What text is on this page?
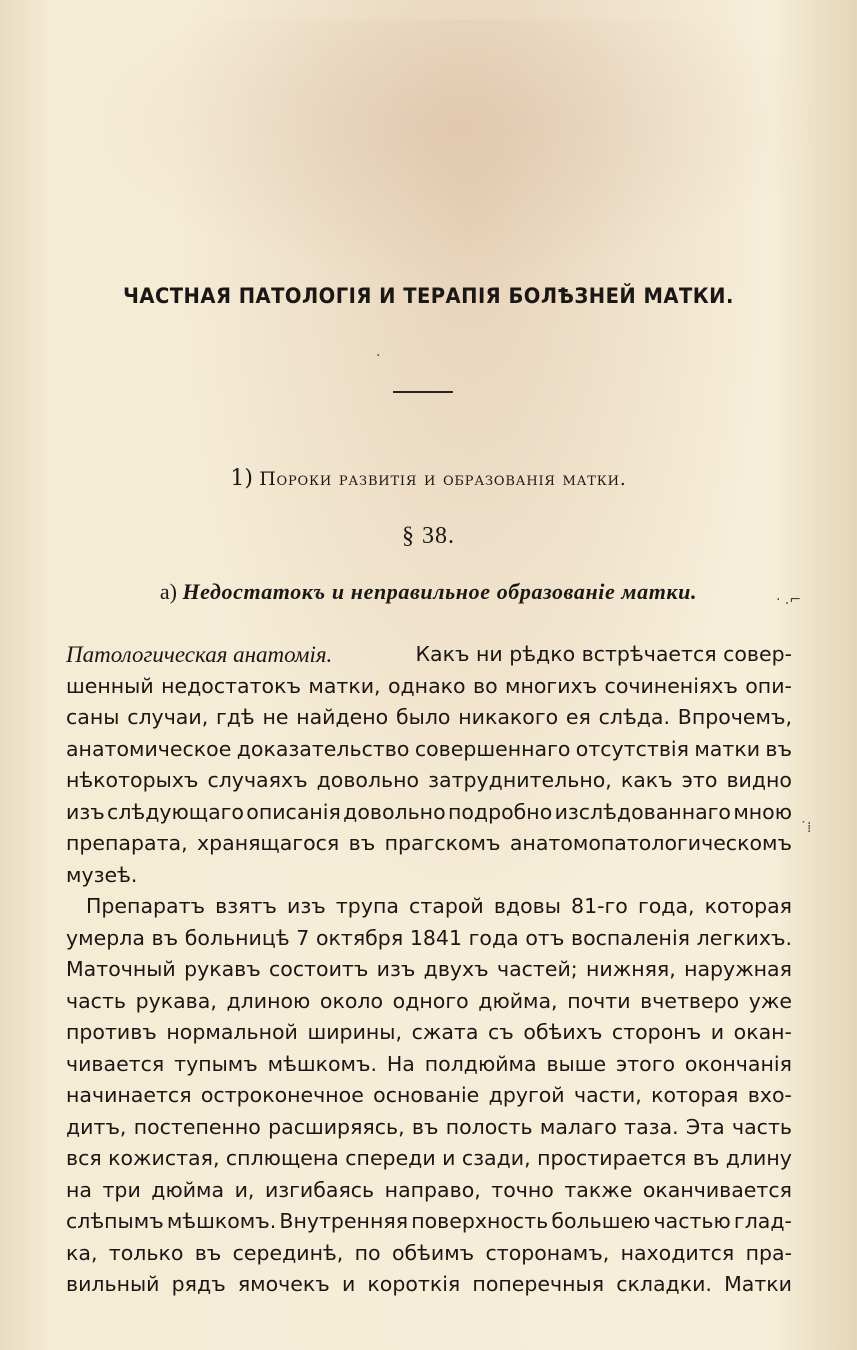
ЧАСТНАЯ ПАТОЛОГІЯ И ТЕРАПІЯ БОЛѢЗНЕЙ МАТКИ.
1) Пороки развитія и образованія матки.
§ 38.
а) Недостатокъ и неправильное образованіе матки.
Патологическая анатомія.	Какъ ни рѣдко встрѣчается совер-
шенный недостатокъ матки, однако во многихъ сочиненіяхъ опи-
саны случаи, гдѣ не найдено было никакого ея слѣда. Впрочемъ,
анатомическое доказательство совершеннаго отсутствія матки въ
нѣкоторыхъ случаяхъ довольно затруднительно, какъ это видно
изъ слѣдующаго описанія довольно подробно изслѣдованнаго мною
препарата, хранящагося въ прагскомъ анатомопатологическомъ
музеѣ.
Препаратъ взятъ изъ трупа старой вдовы 81-го года, которая
умерла въ больницѣ 7 октября 1841 года отъ воспаленія легкихъ.
Маточный рукавъ состоитъ изъ двухъ частей; нижняя, наружная
часть рукава, длиною около одного дюйма, почти вчетверо уже
противъ нормальной ширины, сжата съ обѣихъ сторонъ и окан-
чивается тупымъ мѣшкомъ. На полдюйма выше этого окончанія
начинается остроконечное основаніе другой части, которая вхо-
дитъ, постепенно расширяясь, въ полость малаго таза. Эта часть
вся кожистая, сплющена спереди и сзади, простирается въ длину
на три дюйма и, изгибаясь направо, точно также оканчивается
слѣпымъ мѣшкомъ. Внутренняя поверхность большею частью глад-
ка, только въ серединѣ, по обѣимъ сторонамъ, находится пра-
вильный рядъ ямочекъ и короткія поперечныя складки. Матки
·
· .⌐
˙⁞
